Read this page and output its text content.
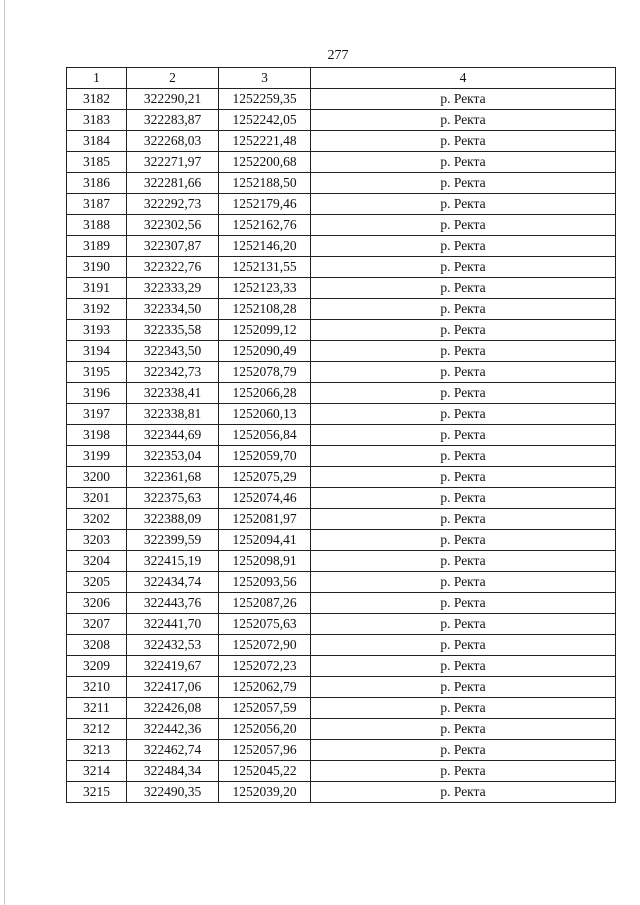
277
1	2	3	4
3182	322290,21	1252259,35	р. Ректа
3183	322283,87	1252242,05	р. Ректа
3184	322268,03	1252221,48	р. Ректа
3185	322271,97	1252200,68	р. Ректа
3186	322281,66	1252188,50	р. Ректа
3187	322292,73	1252179,46	р. Ректа
3188	322302,56	1252162,76	р. Ректа
3189	322307,87	1252146,20	р. Ректа
3190	322322,76	1252131,55	р. Ректа
3191	322333,29	1252123,33	р. Ректа
3192	322334,50	1252108,28	р. Ректа
3193	322335,58	1252099,12	р. Ректа
3194	322343,50	1252090,49	р. Ректа
3195	322342,73	1252078,79	р. Ректа
3196	322338,41	1252066,28	р. Ректа
3197	322338,81	1252060,13	р. Ректа
3198	322344,69	1252056,84	р. Ректа
3199	322353,04	1252059,70	р. Ректа
3200	322361,68	1252075,29	р. Ректа
3201	322375,63	1252074,46	р. Ректа
3202	322388,09	1252081,97	р. Ректа
3203	322399,59	1252094,41	р. Ректа
3204	322415,19	1252098,91	р. Ректа
3205	322434,74	1252093,56	р. Ректа
3206	322443,76	1252087,26	р. Ректа
3207	322441,70	1252075,63	р. Ректа
3208	322432,53	1252072,90	р. Ректа
3209	322419,67	1252072,23	р. Ректа
3210	322417,06	1252062,79	р. Ректа
3211	322426,08	1252057,59	р. Ректа
3212	322442,36	1252056,20	р. Ректа
3213	322462,74	1252057,96	р. Ректа
3214	322484,34	1252045,22	р. Ректа
3215	322490,35	1252039,20	р. Ректа
